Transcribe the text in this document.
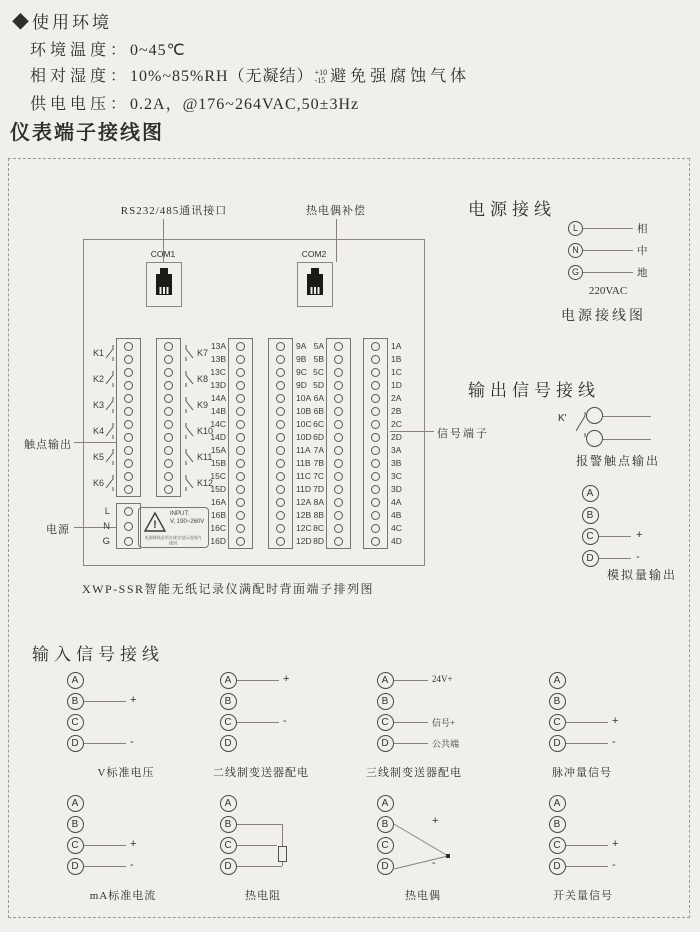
◆使用环境
环境温度：0~45℃
相对湿度：10%~85%RH（无凝结） +10
-15 避免强腐蚀气体
供电电压：0.2A，@176~264VAC,50±3Hz
仪表端子接线图
RS232/485通讯接口	热电偶补偿
COM1	COM2
触点输出
电源	!
INPUT:
V, 190~260V
电源接线必须在规定电压范围内使用
XWP-SSR智能无纸记录仪满配时背面端子排列图
电源接线
220VAC
电源接线图
输出信号接线
信号端子
K'
报警触点输出
模拟量输出
输入信号接线
13A
13B
13C
13D
14A
14B
14C
14D
15A
15B
15C
15D
16A
16B
16C
16D
9A
9B
9C
9D
10A
10B
10C
10D
11A
11B
11C
11D
12A
12B
12C
12D
5A
5B
5C
5D
6A
6B
6C
6D
7A
7B
7C
7D
8A
8B
8C
8D
1A
1B
1C
1D
2A
2B
2C
2D
3A
3B
3C
3D
4A
4B
4C
4D
K1
K2
K3
K4
K5
K6
K7
K8
K9
K10
K11
K12
L
N
G
L	相
N	中
G	地
A
B
C	+
D	-
A
B	+
C
D	-
V标准电压
A	+
B
C	-
D
二线制变送器配电
A	24V+
B
C	信号+
D	公共端
三线制变送器配电
A
B
C	+
D	-
脉冲量信号
A
B
C	+
D	-
mA标准电流
A
B
C
D
热电阻
A
B
C
D
+
-
热电偶
A
B
C	+
D	-
开关量信号
